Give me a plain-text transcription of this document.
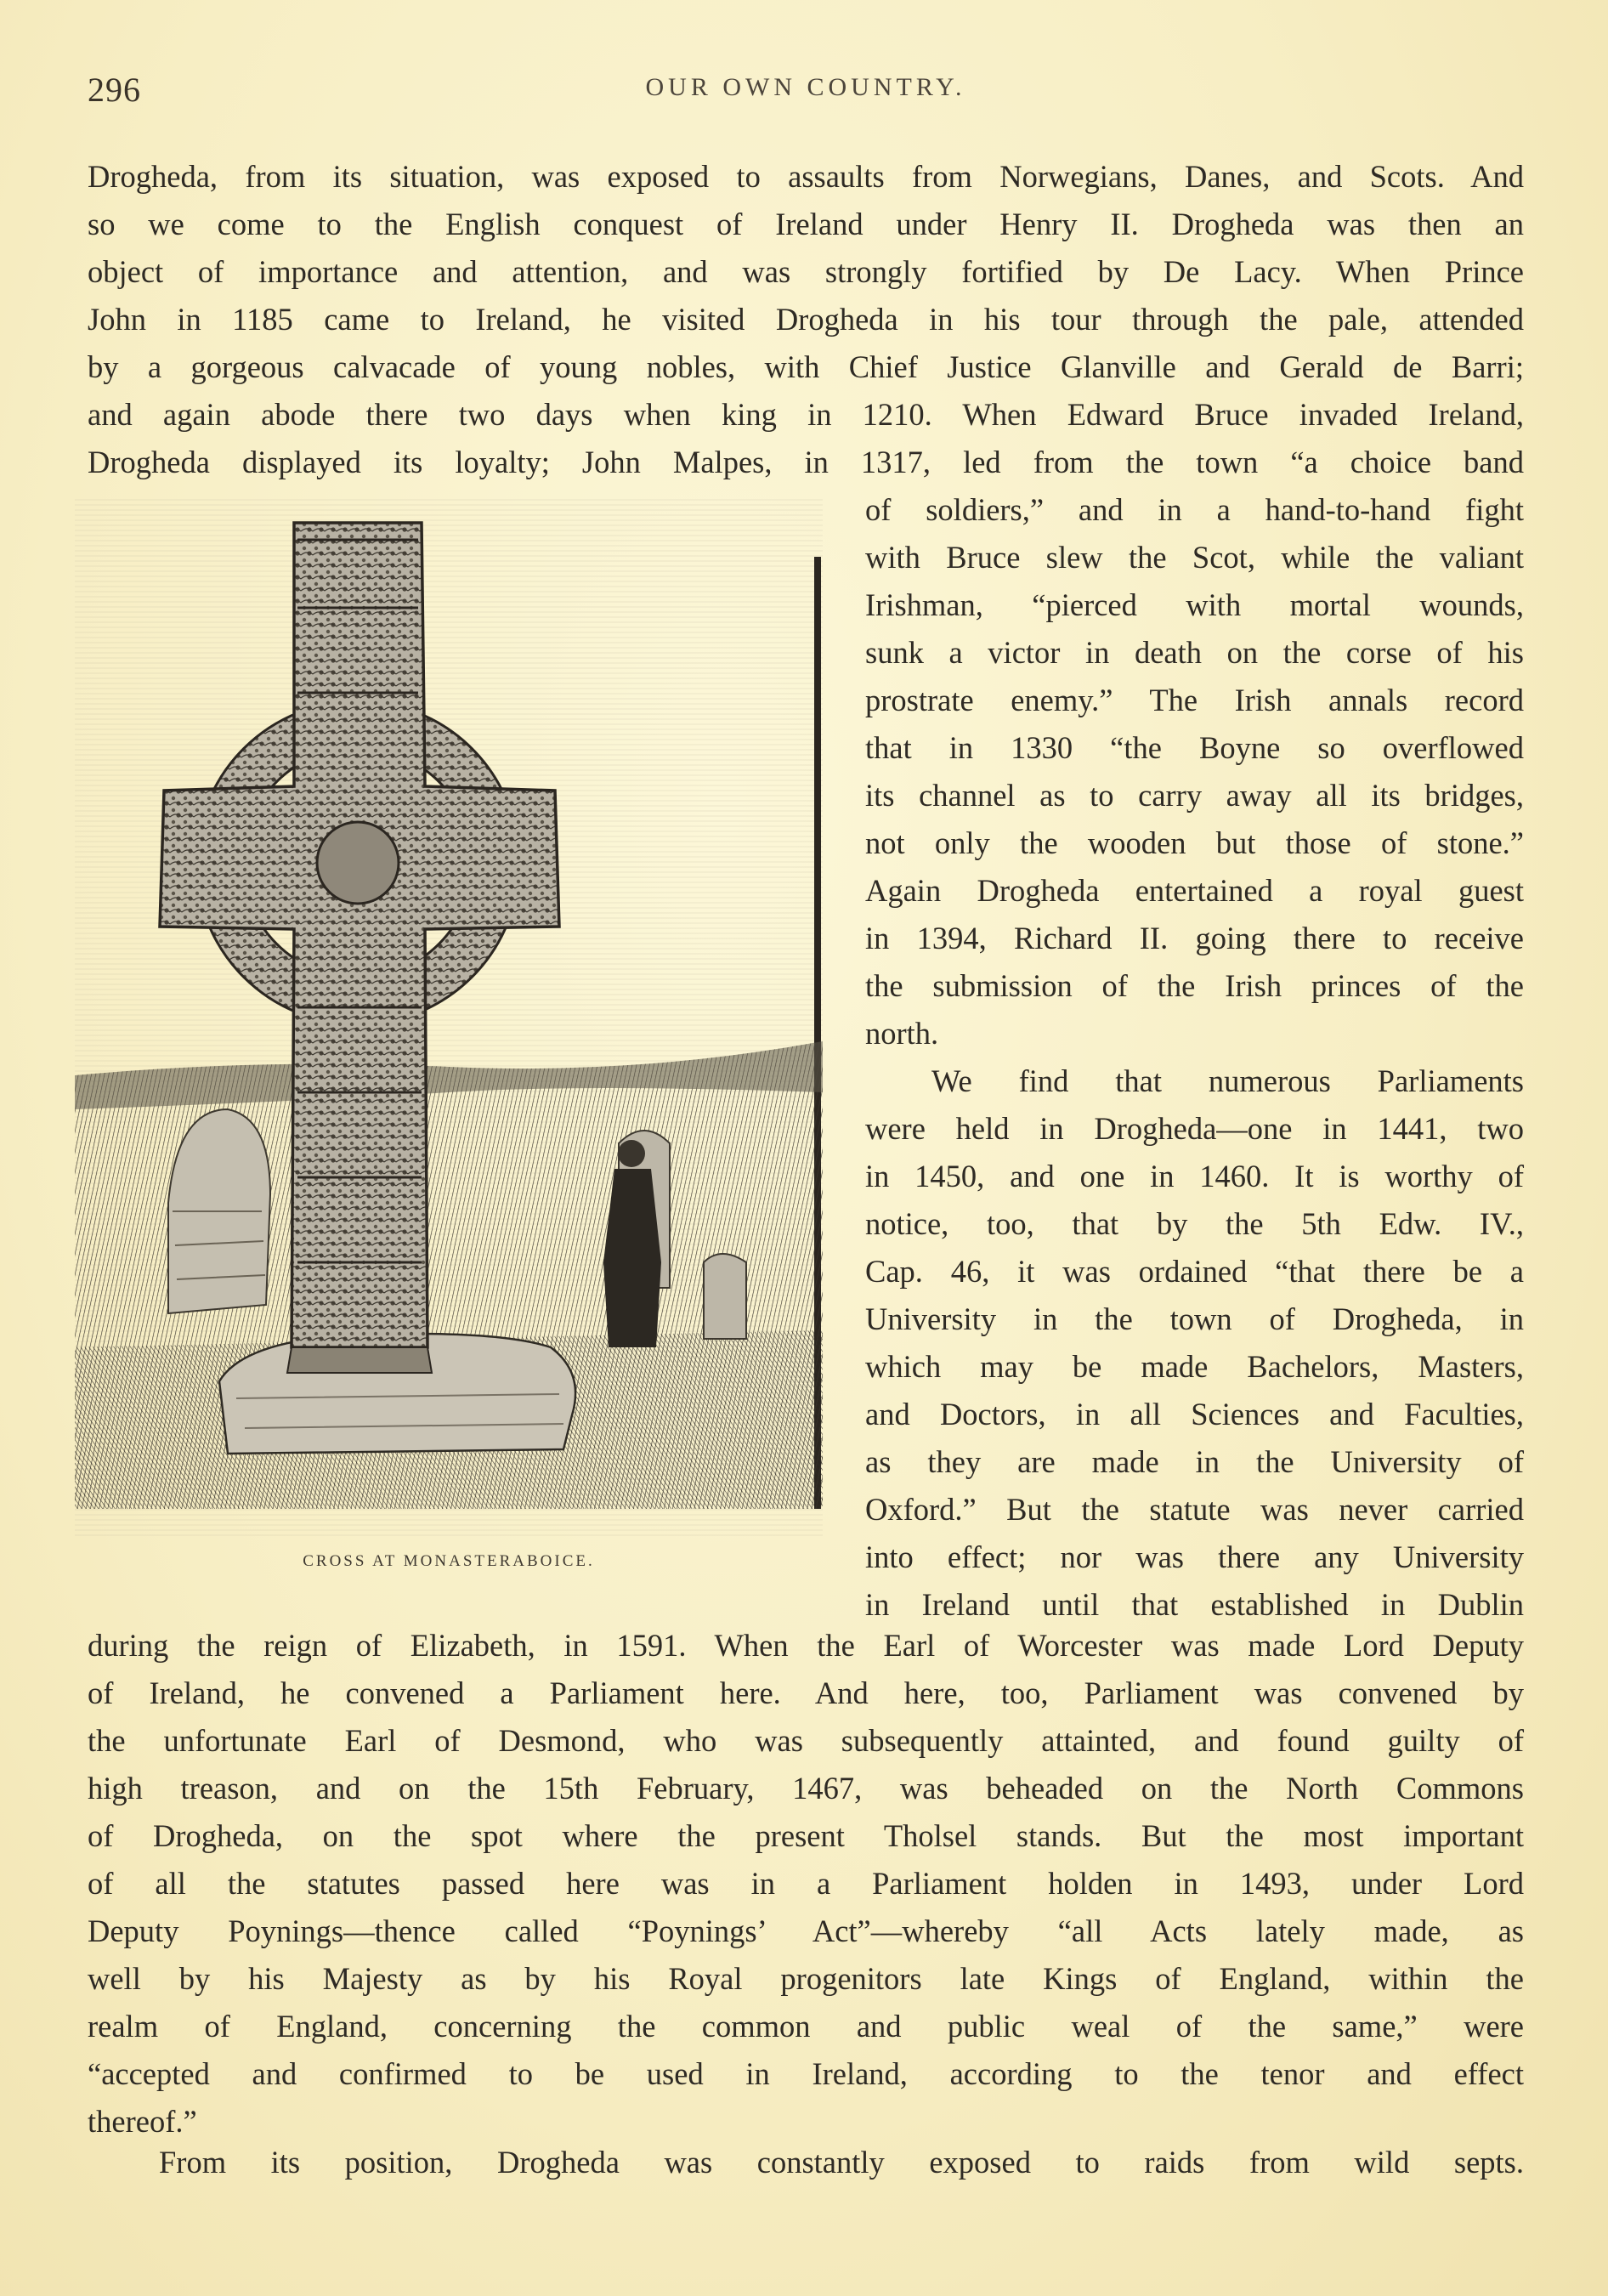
296	OUR OWN COUNTRY.
Drogheda, from its situation, was exposed to assaults from Norwegians, Danes, and Scots. And
so we come to the English conquest of Ireland under Henry II. Drogheda was then an
object of importance and attention, and was strongly fortified by De Lacy. When Prince
John in 1185 came to Ireland, he visited Drogheda in his tour through the pale, attended
by a gorgeous calvacade of young nobles, with Chief Justice Glanville and Gerald de Barri;
and again abode there two days when king in 1210. When Edward Bruce invaded Ireland,
Drogheda displayed its loyalty; John Malpes, in 1317, led from the town “a choice band
of soldiers,” and in a hand-to-hand fight
with Bruce slew the Scot, while the valiant
Irishman, “pierced with mortal wounds,
sunk a victor in death on the corse of his
prostrate enemy.” The Irish annals record
that in 1330 “the Boyne so overflowed
its channel as to carry away all its bridges,
not only the wooden but those of stone.”
Again Drogheda entertained a royal guest
in 1394, Richard II. going there to receive
the submission of the Irish princes of the
north.
We find that numerous Parliaments
were held in Drogheda—one in 1441, two
in 1450, and one in 1460. It is worthy of
notice, too, that by the 5th Edw. IV.,
Cap. 46, it was ordained “that there be a
University in the town of Drogheda, in
which may be made Bachelors, Masters,
and Doctors, in all Sciences and Faculties,
as they are made in the University of
Oxford.” But the statute was never carried
into effect; nor was there any University
in Ireland until that established in Dublin
during the reign of Elizabeth, in 1591. When the Earl of Worcester was made Lord Deputy
of Ireland, he convened a Parliament here. And here, too, Parliament was convened by
the unfortunate Earl of Desmond, who was subsequently attainted, and found guilty of
high treason, and on the 15th February, 1467, was beheaded on the North Commons
of Drogheda, on the spot where the present Tholsel stands. But the most important
of all the statutes passed here was in a Parliament holden in 1493, under Lord
Deputy Poynings—thence called “Poynings’ Act”—whereby “all Acts lately made, as
well by his Majesty as by his Royal progenitors late Kings of England, within the
realm of England, concerning the common and public weal of the same,” were
“accepted and confirmed to be used in Ireland, according to the tenor and effect
thereof.”
From its position, Drogheda was constantly exposed to raids from wild septs.
CROSS AT MONASTERABOICE.
